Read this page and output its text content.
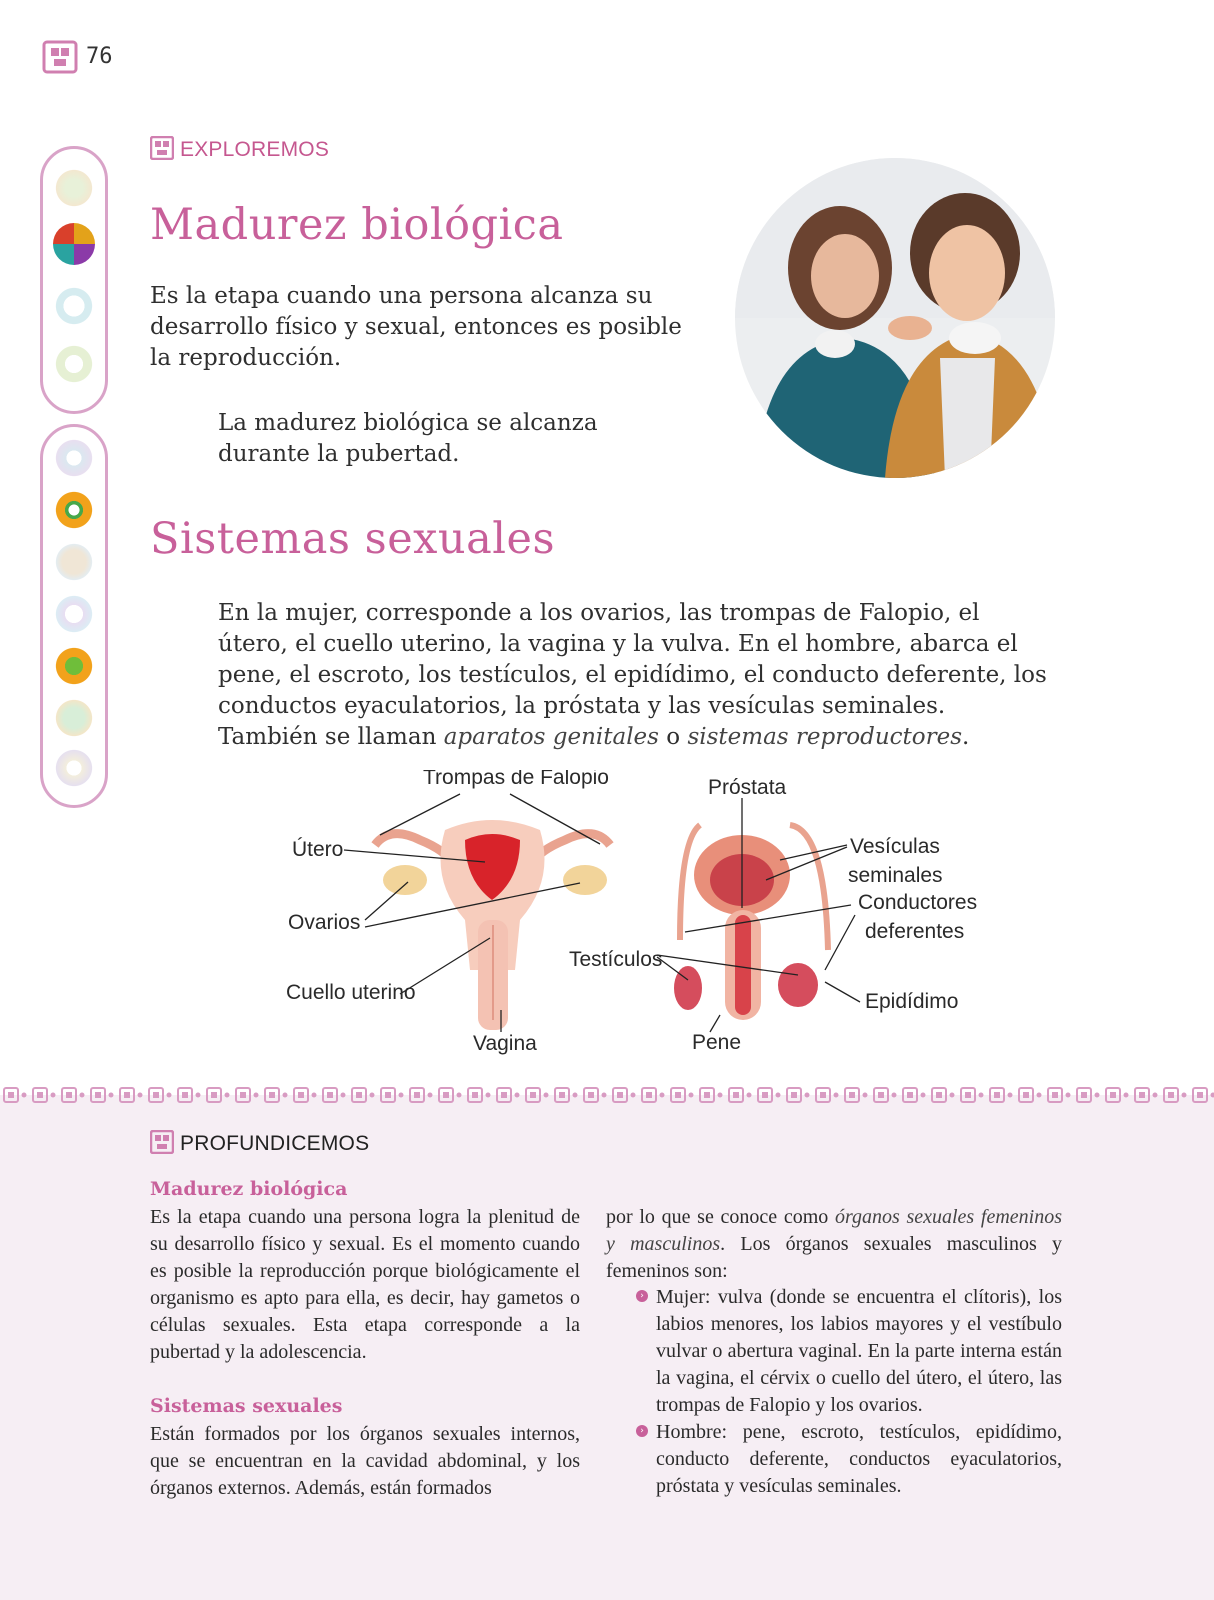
76
EXPLOREMOS
Madurez biológica
Es la etapa cuando una persona alcanza su desarrollo físico y sexual, entonces es posible la reproducción.
La madurez biológica se alcanza durante la pubertad.
Sistemas sexuales
En la mujer, corresponde a los ovarios, las trompas de Falopio, el útero, el cuello uterino, la vagina y la vulva. En el hombre, abarca el pene, el escroto, los testículos, el epidídimo, el conducto deferente, los conductos eyaculatorios, la próstata y las vesículas seminales. También se llaman aparatos genitales o sistemas reproductores.
Trompas de Falopio
Útero
Ovarios
Cuello uterino
Vagina
Próstata
Vesículas
seminales
Conductores
deferentes
Testículos
Epidídimo
Pene
PROFUNDICEMOS
Madurez biológica
Es la etapa cuando una persona logra la plenitud de su desarrollo físico y sexual. Es el momento cuando es posible la reproducción porque biológicamente el organismo es apto para ella, es decir, hay gametos o células sexuales. Esta etapa corresponde a la pubertad y la adolescencia.
Sistemas sexuales
Están formados por los órganos sexuales internos, que se encuentran en la cavidad abdominal, y los órganos externos. Además, están formados
por lo que se conoce como órganos sexuales femeninos y masculinos. Los órganos sexuales masculinos y femeninos son:
› Mujer: vulva (donde se encuentra el clítoris), los labios menores, los labios mayores y el vestíbulo vulvar o abertura vaginal. En la parte interna están la vagina, el cérvix o cuello del útero, el útero, las trompas de Falopio y los ovarios.
› Hombre: pene, escroto, testículos, epidídimo, conducto deferente, conductos eyaculatorios, próstata y vesículas seminales.
